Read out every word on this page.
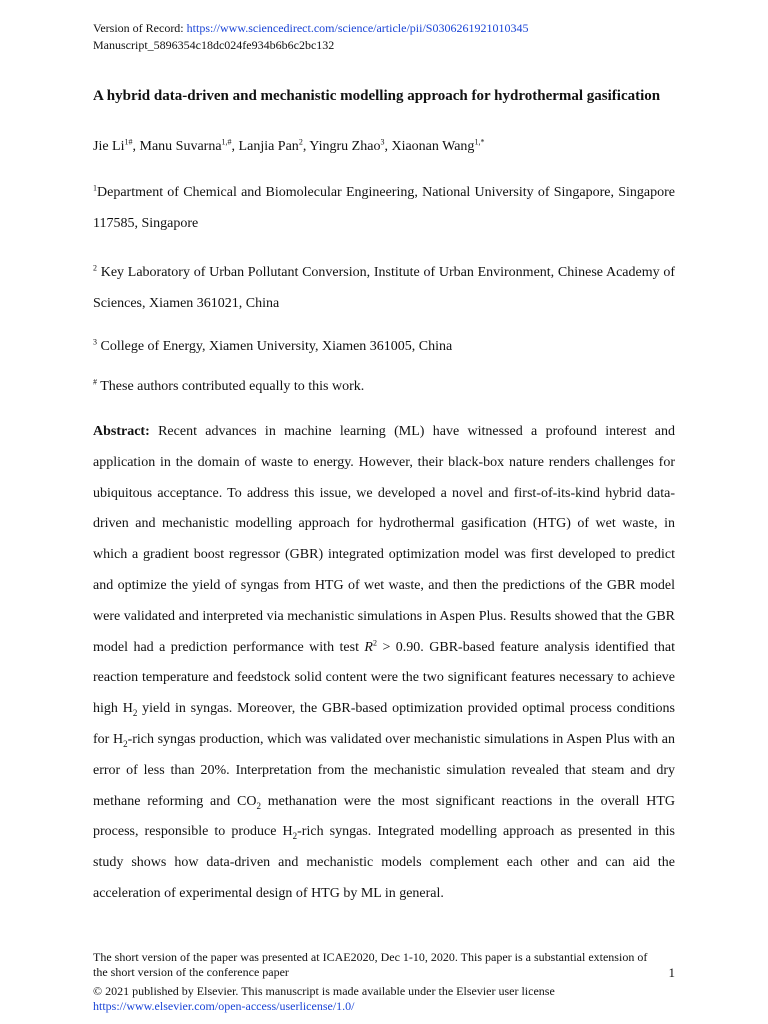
Version of Record: https://www.sciencedirect.com/science/article/pii/S0306261921010345
Manuscript_5896354c18dc024fe934b6b6c2bc132
A hybrid data-driven and mechanistic modelling approach for hydrothermal gasification
Jie $Li^{1\#}$, Manu Suvarna$^{1,\#}$, Lanjia Pan$^2$, Yingru Zhao$^3$, Xiaonan Wang$^{1,*}$
$^1$Department of Chemical and Biomolecular Engineering, National University of Singapore, Singapore 117585, Singapore
$^2$ Key Laboratory of Urban Pollutant Conversion, Institute of Urban Environment, Chinese Academy of Sciences, Xiamen 361021, China
$^3$ College of Energy, Xiamen University, Xiamen 361005, China
# These authors contributed equally to this work.
Abstract: Recent advances in machine learning (ML) have witnessed a profound interest and application in the domain of waste to energy. However, their black-box nature renders challenges for ubiquitous acceptance. To address this issue, we developed a novel and first-of-its-kind hybrid data-driven and mechanistic modelling approach for hydrothermal gasification (HTG) of wet waste, in which a gradient boost regressor (GBR) integrated optimization model was first developed to predict and optimize the yield of syngas from HTG of wet waste, and then the predictions of the GBR model were validated and interpreted via mechanistic simulations in Aspen Plus. Results showed that the GBR model had a prediction performance with test $R^2 > 0.90$. GBR-based feature analysis identified that reaction temperature and feedstock solid content were the two significant features necessary to achieve high $H_2$ yield in syngas. Moreover, the GBR-based optimization provided optimal process conditions for $H_2$-rich syngas production, which was validated over mechanistic simulations in Aspen Plus with an error of less than 20%. Interpretation from the mechanistic simulation revealed that steam and dry methane reforming and $CO_2$ methanation were the most significant reactions in the overall HTG process, responsible to produce $H_2$-rich syngas. Integrated modelling approach as presented in this study shows how data-driven and mechanistic models complement each other and can aid the acceleration of experimental design of HTG by ML in general.
The short version of the paper was presented at ICAE2020, Dec 1-10, 2020. This paper is a substantial extension of the short version of the conference paper	1
© 2021 published by Elsevier. This manuscript is made available under the Elsevier user license
https://www.elsevier.com/open-access/userlicense/1.0/
